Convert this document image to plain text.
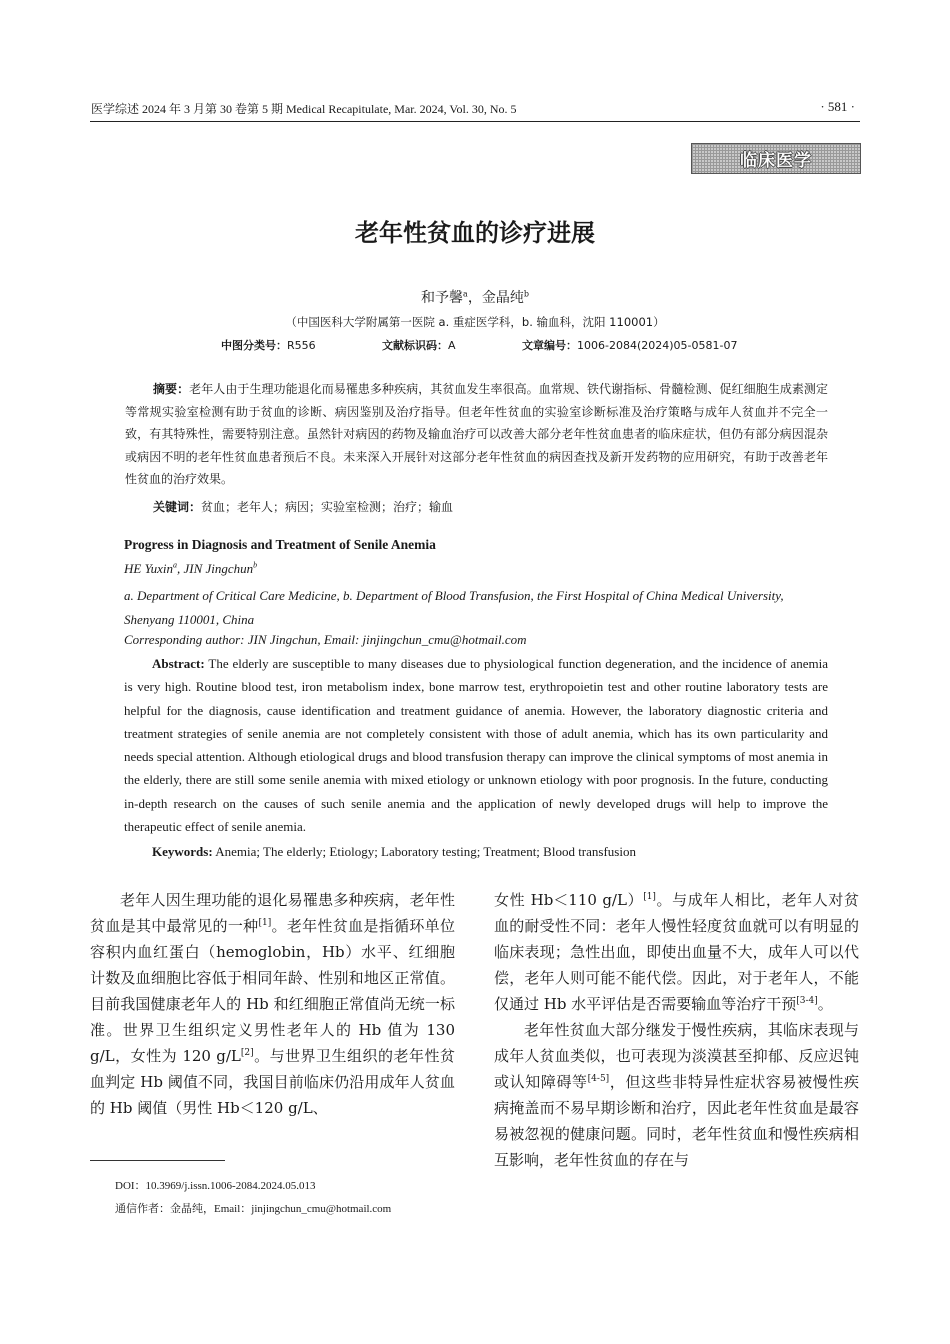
医学综述 2024 年 3 月第 30 卷第 5 期 Medical Recapitulate, Mar. 2024, Vol. 30, No. 5	· 581 ·
临床医学
老年性贫血的诊疗进展
和予馨$^a$，金晶纯$^b$
（中国医科大学附属第一医院 a. 重症医学科，b. 输血科，沈阳 110001）
中图分类号：R556	文献标识码：A	文章编号：1006-2084(2024)05-0581-07
摘要：老年人由于生理功能退化而易罹患多种疾病，其贫血发生率很高。血常规、铁代谢指标、骨髓检测、促红细胞生成素测定等常规实验室检测有助于贫血的诊断、病因鉴别及治疗指导。但老年性贫血的实验室诊断标准及治疗策略与成年人贫血并不完全一致，有其特殊性，需要特别注意。虽然针对病因的药物及输血治疗可以改善大部分老年性贫血患者的临床症状，但仍有部分病因混杂或病因不明的老年性贫血患者预后不良。未来深入开展针对这部分老年性贫血的病因查找及新开发药物的应用研究，有助于改善老年性贫血的治疗效果。
关键词：贫血；老年人；病因；实验室检测；治疗；输血
Progress in Diagnosis and Treatment of Senile Anemia
HE Yuxin$^a$, JIN Jingchun$^b$
a. Department of Critical Care Medicine, b. Department of Blood Transfusion, the First Hospital of China Medical University, Shenyang 110001, China
Corresponding author: JIN Jingchun, Email: jinjingchun_cmu@hotmail.com
Abstract: The elderly are susceptible to many diseases due to physiological function degeneration, and the incidence of anemia is very high. Routine blood test, iron metabolism index, bone marrow test, erythropoietin test and other routine laboratory tests are helpful for the diagnosis, cause identification and treatment guidance of anemia. However, the laboratory diagnostic criteria and treatment strategies of senile anemia are not completely consistent with those of adult anemia, which has its own particularity and needs special attention. Although etiological drugs and blood transfusion therapy can improve the clinical symptoms of most anemia in the elderly, there are still some senile anemia with mixed etiology or unknown etiology with poor prognosis. In the future, conducting in-depth research on the causes of such senile anemia and the application of newly developed drugs will help to improve the therapeutic effect of senile anemia.
Keywords: Anemia; The elderly; Etiology; Laboratory testing; Treatment; Blood transfusion

老年人因生理功能的退化易罹患多种疾病，老年性贫血是其中最常见的一种[1]。老年性贫血是指循环单位容积内血红蛋白（hemoglobin，Hb）水平、红细胞计数及血细胞比容低于相同年龄、性别和地区正常值。目前我国健康老年人的 Hb 和红细胞正常值尚无统一标准。世界卫生组织定义男性老年人的 Hb 值为 130 g/L，女性为 120 g/L[2]。与世界卫生组织的老年性贫血判定 Hb 阈值不同，我国目前临床仍沿用成年人贫血的 Hb 阈值（男性 Hb＜120 g/L、

女性 Hb＜110 g/L）[1]。与成年人相比，老年人对贫血的耐受性不同：老年人慢性轻度贫血就可以有明显的临床表现；急性出血，即使出血量不大，成年人可以代偿，老年人则可能不能代偿。因此，对于老年人，不能仅通过 Hb 水平评估是否需要输血等治疗干预[3-4]。

老年性贫血大部分继发于慢性疾病，其临床表现与成年人贫血类似，也可表现为淡漠甚至抑郁、反应迟钝或认知障碍等[4-5]，但这些非特异性症状容易被慢性疾病掩盖而不易早期诊断和治疗，因此老年性贫血是最容易被忽视的健康问题。同时，老年性贫血和慢性疾病相互影响，老年性贫血的存在与

DOI：10.3969/j.issn.1006-2084.2024.05.013
通信作者：金晶纯，Email：jinjingchun_cmu@hotmail.com
